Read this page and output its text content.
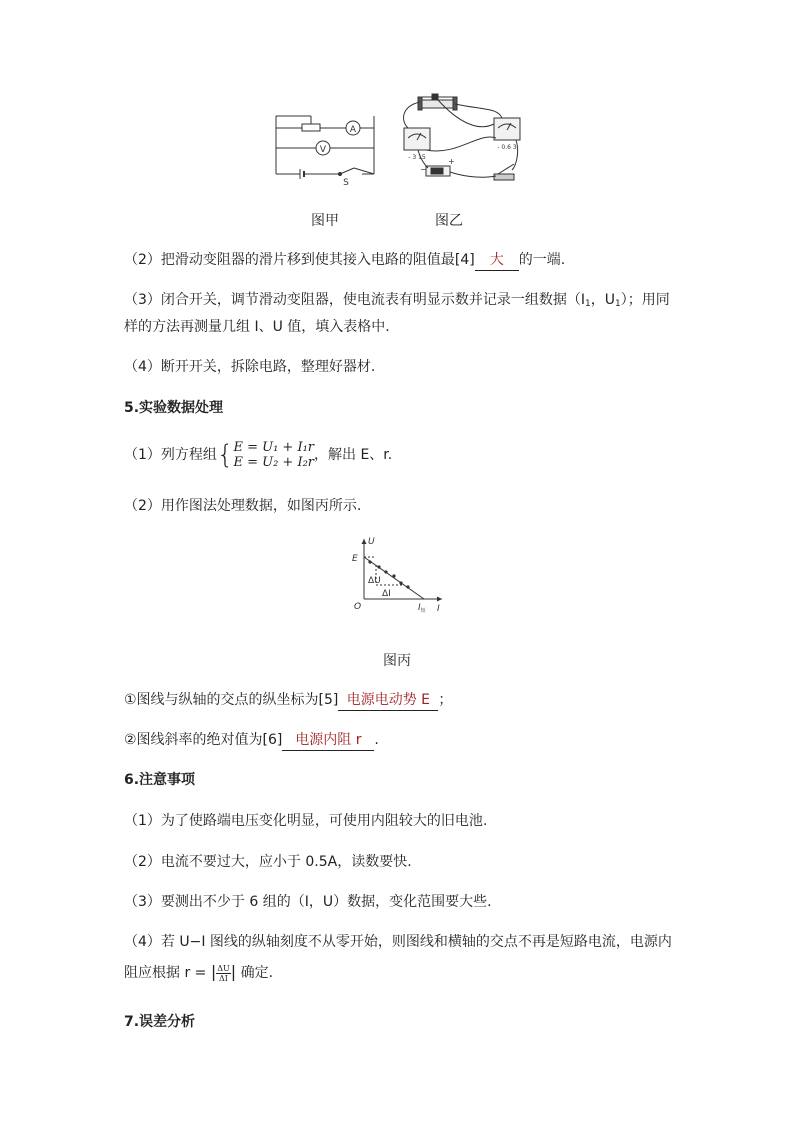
A
V
S
- 3 15
- 0.6 3
+
−
图甲	图乙
（2）把滑动变阻器的滑片移到使其接入电路的阻值最[4] 大 的一端.
（3）闭合开关，调节滑动变阻器，使电流表有明显示数并记录一组数据（$I_1$，$U_1$）；用同
样的方法再测量几组 I、U 值，填入表格中.
（4）断开开关，拆除电路，整理好器材.
5.实验数据处理
（1）列方程组{E = U₁ + I₁r
E = U₂ + I₂r，解出 E、r.
（2）用作图法处理数据，如图丙所示.
U
I
O
E
ΔU
ΔI
$I_短$
图丙
①图线与纵轴的交点的纵坐标为[5] 电源电动势 E ；
②图线斜率的绝对值为[6] 电源内阻 r .
6.注意事项
（1）为了使路端电压变化明显，可使用内阻较大的旧电池.
（2）电流不要过大，应小于 0.5A，读数要快.
（3）要测出不少于 6 组的（I，U）数据，变化范围要大些.
（4）若 U−I 图线的纵轴刻度不从零开始，则图线和横轴的交点不再是短路电流，电源内
阻应根据 r = | $\frac{\Delta U}{\Delta I}$ | 确定.
7.误差分析
